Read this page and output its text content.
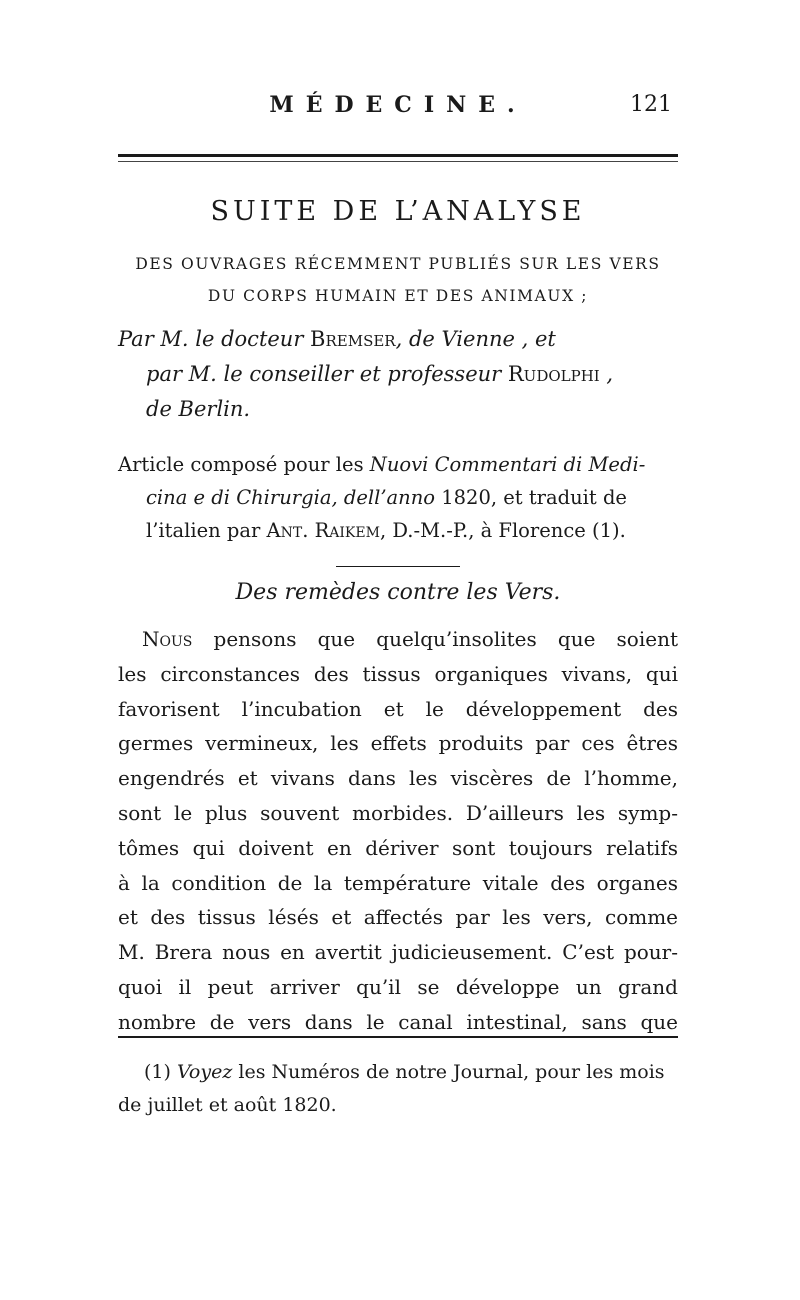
MÉDECINE.	121
SUITE DE L’ANALYSE
DES OUVRAGES RÉCEMMENT PUBLIÉS SUR LES VERS
DU CORPS HUMAIN ET DES ANIMAUX ;
Par M. le docteur Bremser, de Vienne , et
par M. le conseiller et professeur Rudolphi ,
de Berlin.
Article composé pour les Nuovi Commentari di Medi-
cina e di Chirurgia, dell’anno 1820, et traduit de
l’italien par Ant. Raikem, D.-M.-P., à Florence (1).
Des remèdes contre les Vers.
Nous pensons que quelqu’insolites que soient
les circonstances des tissus organiques vivans, qui
favorisent l’incubation et le développement des
germes vermineux, les effets produits par ces êtres
engendrés et vivans dans les viscères de l’homme,
sont le plus souvent morbides. D’ailleurs les symp-
tômes qui doivent en dériver sont toujours relatifs
à la condition de la température vitale des organes
et des tissus lésés et affectés par les vers, comme
M. Brera nous en avertit judicieusement. C’est pour-
quoi il peut arriver qu’il se développe un grand
nombre de vers dans le canal intestinal, sans que
(1) Voyez les Numéros de notre Journal, pour les mois
de juillet et août 1820.
